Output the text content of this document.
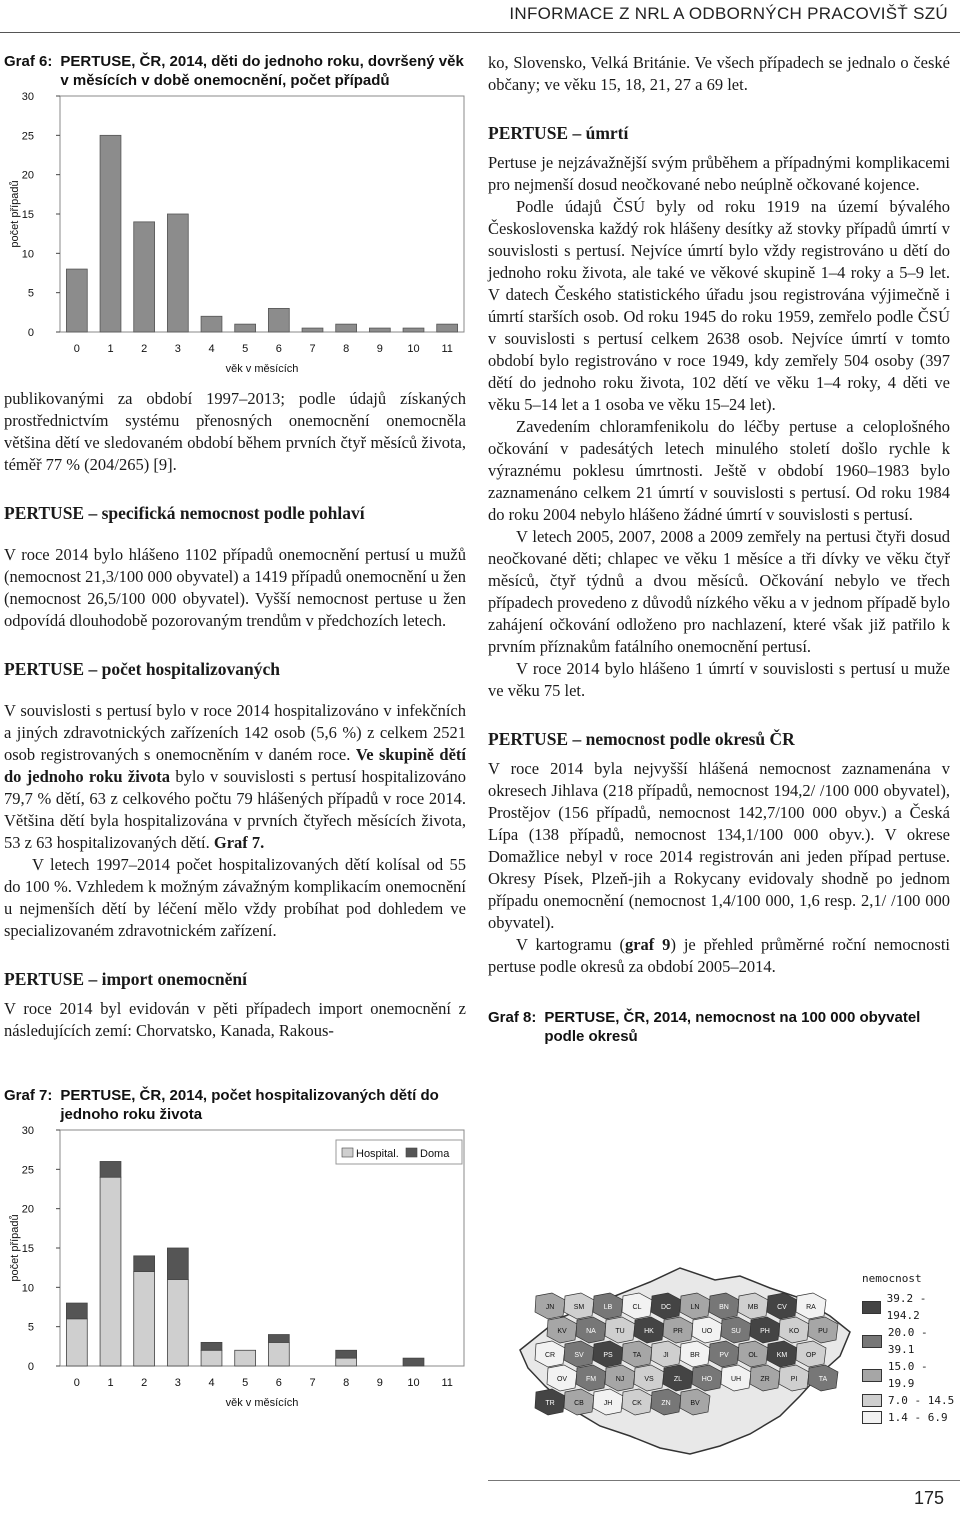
INFORMACE Z NRL A ODBORNÝCH PRACOVIŠŤ SZÚ
Graf 6: PERTUSE, ČR, 2014, děti do jednoho roku, dovršený věk v měsících v době onemocnění, počet případů
0
5
10
15
20
25
30
počet případů
0	1	2	3	4	5	6	7	8	9 10 11
věk v měsících

publikovanými za období 1997–2013; podle údajů získaných prostřednictvím systému přenosných onemocnění onemocněla většina dětí ve sledovaném období během prvních čtyř měsíců života, téměř 77 % (204/265) [9].

PERTUSE – specifická nemocnost podle pohlaví

V roce 2014 bylo hlášeno 1102 případů onemocnění pertusí u mužů (nemocnost 21,3/100 000 obyvatel) a 1419 případů onemocnění u žen (nemocnost 26,5/100 000 obyvatel). Vyšší nemocnost pertuse u žen odpovídá dlouhodobě pozorovaným trendům v předchozích letech.

PERTUSE – počet hospitalizovaných

V souvislosti s pertusí bylo v roce 2014 hospitalizováno v infekčních a jiných zdravotnických zařízeních 142 osob (5,6 %) z celkem 2521 osob registrovaných s onemocněním v daném roce. Ve skupině dětí do jednoho roku života bylo v souvislosti s pertusí hospitalizováno 79,7 % dětí, 63 z celkového počtu 79 hlášených případů v roce 2014. Většina dětí byla hospitalizována v prvních čtyřech měsících života, 53 z 63 hospitalizovaných dětí. Graf 7.

V letech 1997–2014 počet hospitalizovaných dětí kolísal od 55 do 100 %. Vzhledem k možným závažným komplikacím onemocnění u nejmenších dětí by léčení mělo vždy probíhat pod dohledem ve specializovaném zdravotnickém zařízení.

PERTUSE – import onemocnění

V roce 2014 byl evidován v pěti případech import onemocnění z následujících zemí: Chorvatsko, Kanada, Rakous-

Graf 7: PERTUSE, ČR, 2014, počet hospitalizovaných dětí do jednoho roku života
0
5
10
15
20
25
30
počet případů
0	1	2	3	4	5	6	7	8	9 10 11
věk v měsících
Hospital. Doma

ko, Slovensko, Velká Británie. Ve všech případech se jednalo o české občany; ve věku 15, 18, 21, 27 a 69 let.

PERTUSE – úmrtí

Pertuse je nejzávažnější svým průběhem a případnými komplikacemi pro nejmenší dosud neočkované nebo neúplně očkované kojence.

Podle údajů ČSÚ byly od roku 1919 na území bývalého Československa každý rok hlášeny desítky až stovky případů úmrtí v souvislosti s pertusí. Nejvíce úmrtí bylo vždy registrováno u dětí do jednoho roku života, ale také ve věkové skupině 1–4 roky a 5–9 let. V datech Českého statistického úřadu jsou registrována výjimečně i úmrtí starších osob. Od roku 1945 do roku 1959, zemřelo podle ČSÚ v souvislosti s pertusí celkem 2638 osob. Nejvíce úmrtí v tomto období bylo registrováno v roce 1949, kdy zemřely 504 osoby (397 dětí do jednoho roku života, 102 dětí ve věku 1–4 roky, 4 děti ve věku 5–14 let a 1 osoba ve věku 15–24 let).

Zavedením chloramfenikolu do léčby pertuse a celoplošného očkování v padesátých letech minulého století došlo rychle k výraznému poklesu úmrtnosti. Ještě v období 1960–1983 bylo zaznamenáno celkem 21 úmrtí v souvislosti s pertusí. Od roku 1984 do roku 2004 nebylo hlášeno žádné úmrtí v souvislosti s pertusí.

V letech 2005, 2007, 2008 a 2009 zemřely na pertusi čtyři dosud neočkované děti; chlapec ve věku 1 měsíce a tři dívky ve věku čtyř měsíců, čtyř týdnů a dvou měsíců. Očkování nebylo ve třech případech provedeno z důvodů nízkého věku a v jednom případě bylo zahájení očkování odloženo pro nachlazení, které však již patřilo k prvním příznakům fatálního onemocnění pertusí.

V roce 2014 bylo hlášeno 1 úmrtí v souvislosti s pertusí u muže ve věku 75 let.

PERTUSE – nemocnost podle okresů ČR

V roce 2014 byla nejvyšší hlášená nemocnost zaznamenána v okresech Jihlava (218 případů, nemocnost 194,2/ /100 000 obyvatel), Prostějov (156 případů, nemocnost 142,7/100 000 obyv.) a Česká Lípa (138 případů, nemocnost 134,1/100 000 obyv.). V okrese Domažlice nebyl v roce 2014 registrován ani jeden případ pertuse. Okresy Písek, Plzeň-jih a Rokycany evidovaly shodně po jednom případu onemocnění (nemocnost 1,4/100 000, 1,6 resp. 2,1/ /100 000 obyvatel).

V kartogramu (graf 9) je přehled průměrné roční nemocnosti pertuse podle okresů za období 2005–2014.

Graf 8: PERTUSE, ČR, 2014, nemocnost na 100 000 obyvatel podle okresů
JN	SM	LB	CL	DC	LN	BN	MB	CV	RA
KV	NA	TU	HK	PR	UO	SU	PH	KO	PU
CR	SV	PS	TA	JI	BR	PV	OL	KM	OP
OV	FM	NJ	VS	ZL	HO	UH	ZR	PI	TA
TR	CB	JH	CK	ZN	BV
nemocnost
39.2 - 194.2
20.0 - 39.1
15.0 - 19.9
7.0 - 14.5
1.4 - 6.9
175
